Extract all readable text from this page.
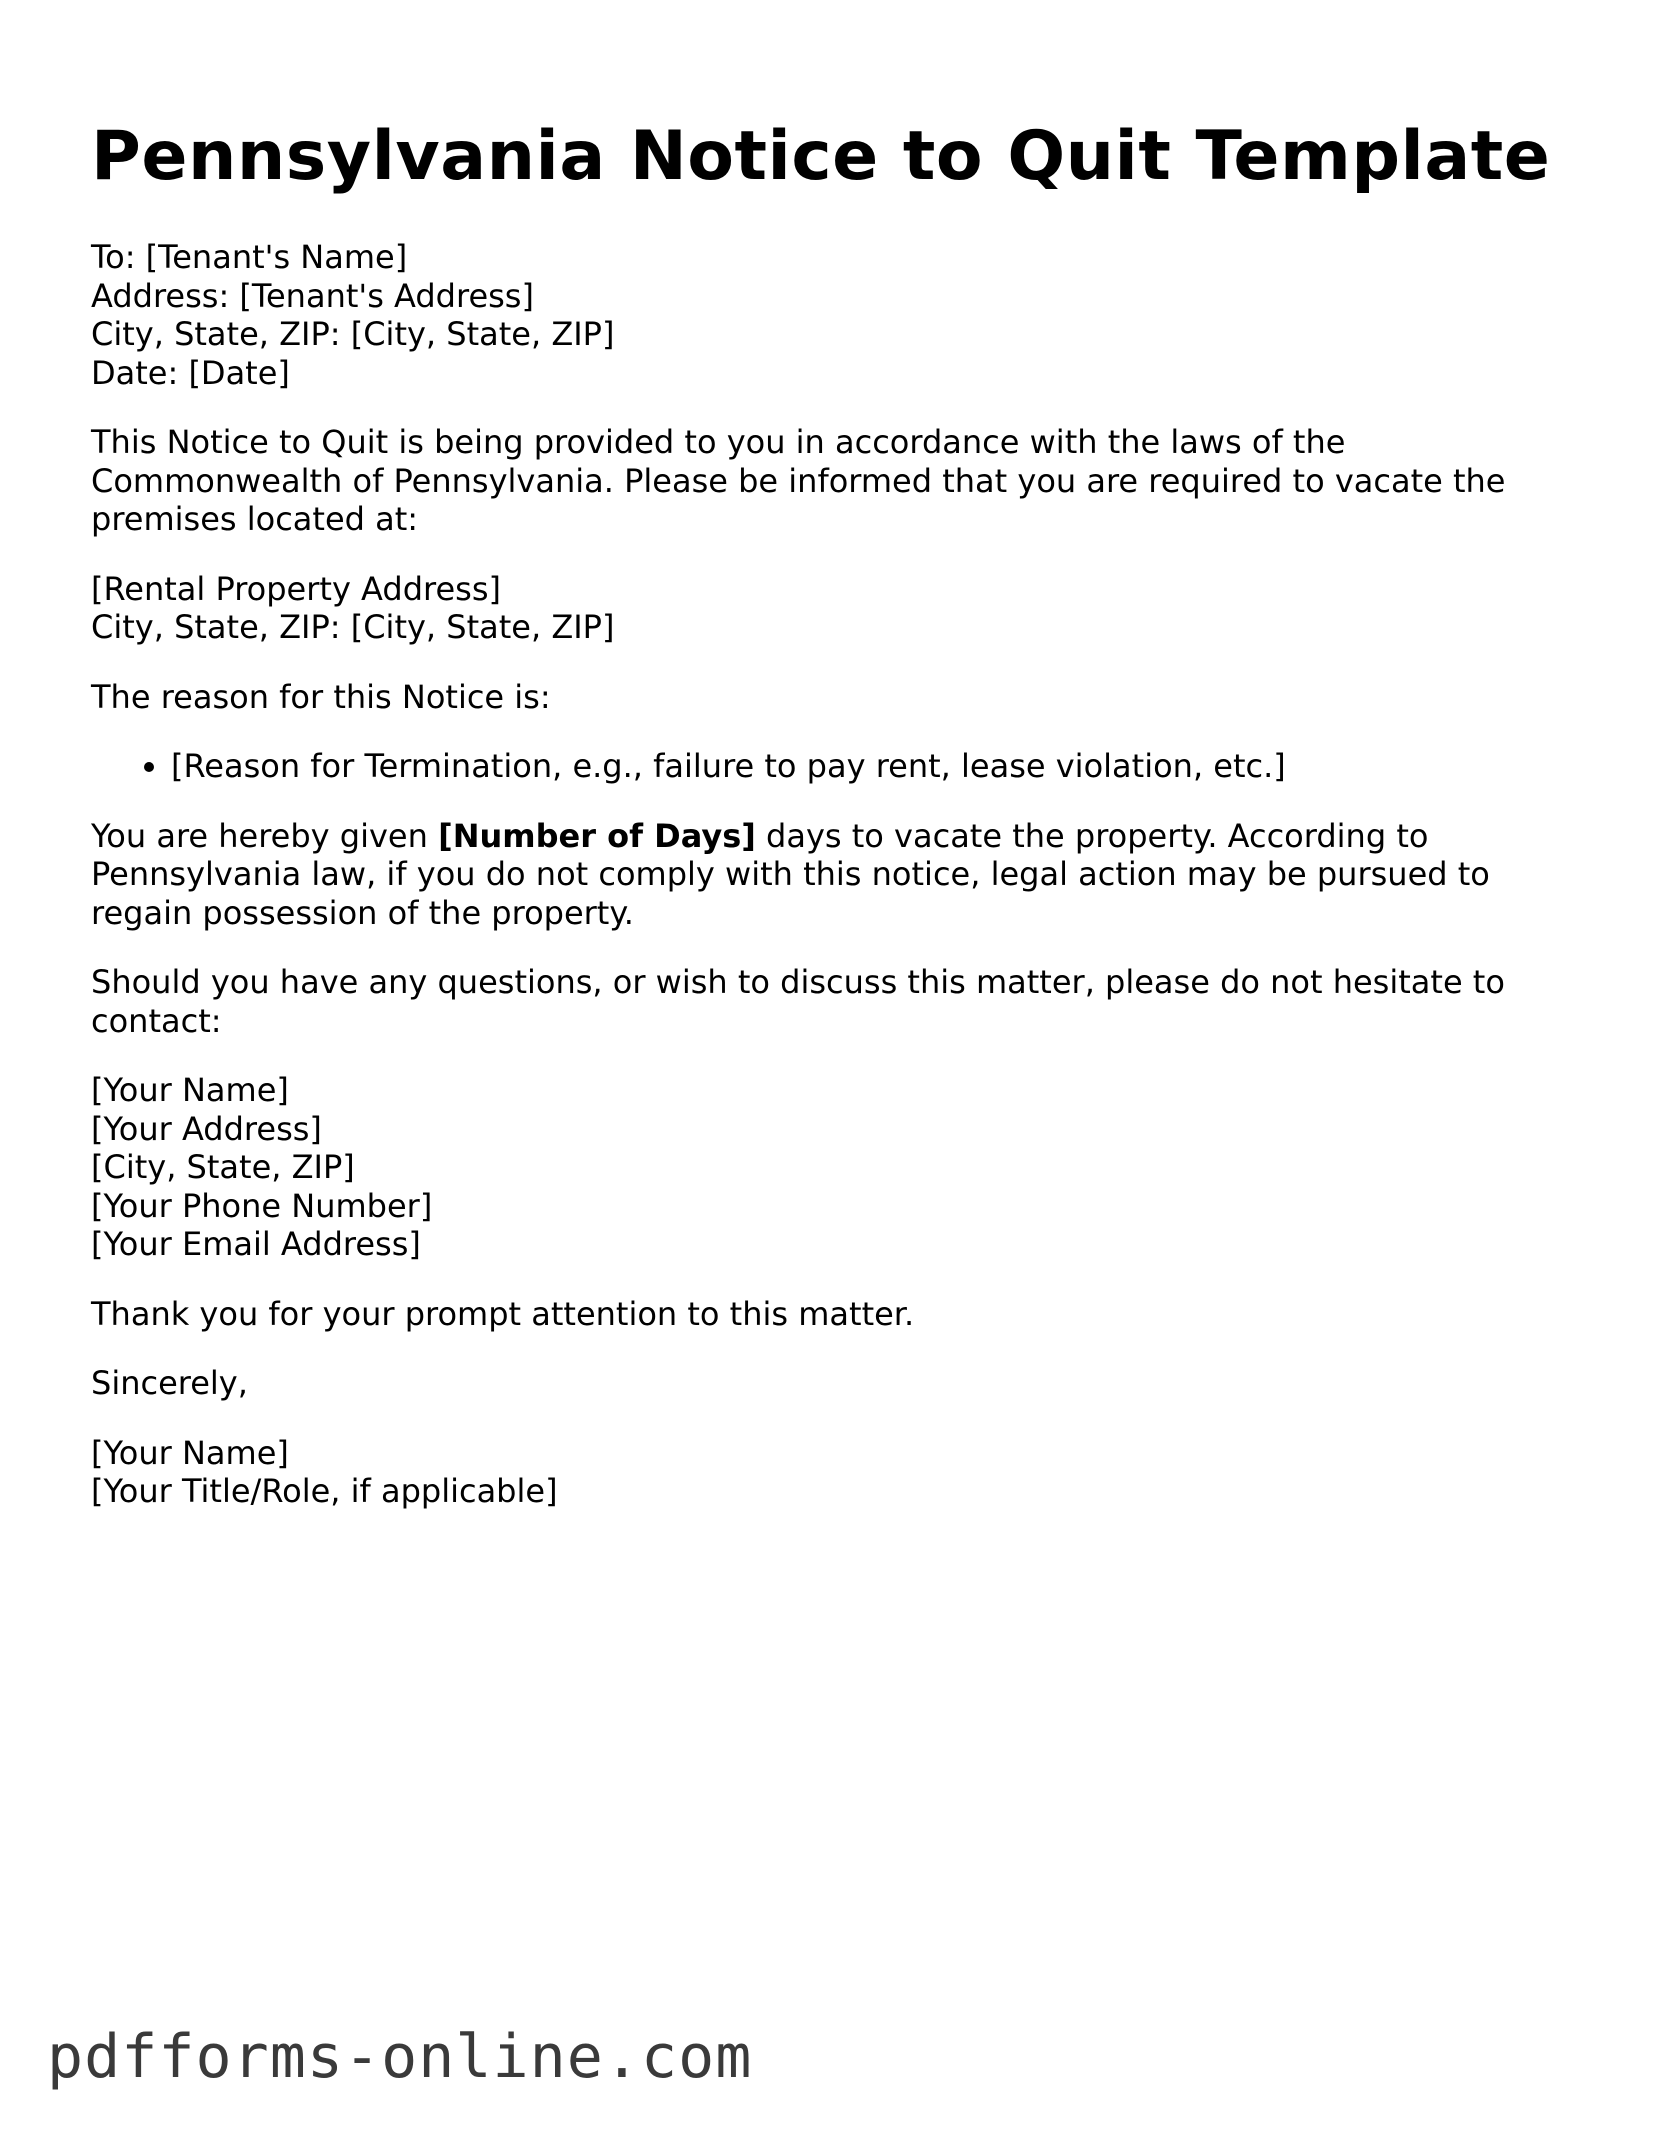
Pennsylvania Notice to Quit Template

To: [Tenant's Name]
Address: [Tenant's Address]
City, State, ZIP: [City, State, ZIP]
Date: [Date]

This Notice to Quit is being provided to you in accordance with the laws of the
Commonwealth of Pennsylvania. Please be informed that you are required to vacate the
premises located at:

[Rental Property Address]
City, State, ZIP: [City, State, ZIP]

The reason for this Notice is:

• [Reason for Termination, e.g., failure to pay rent, lease violation, etc.]

You are hereby given [Number of Days] days to vacate the property. According to
Pennsylvania law, if you do not comply with this notice, legal action may be pursued to
regain possession of the property.

Should you have any questions, or wish to discuss this matter, please do not hesitate to
contact:

[Your Name]
[Your Address]
[City, State, ZIP]
[Your Phone Number]
[Your Email Address]

Thank you for your prompt attention to this matter.

Sincerely,

[Your Name]
[Your Title/Role, if applicable]

pdfforms-online.com
